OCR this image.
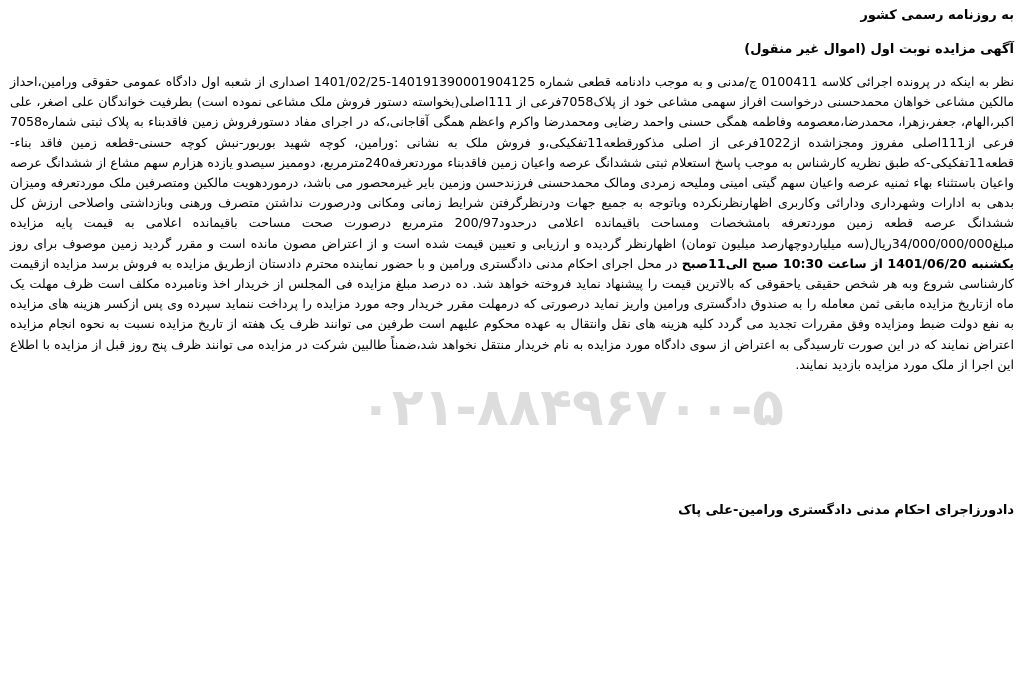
به روزنامه رسمی کشور
آگهی مزایده نوبت اول (اموال غیر منقول)
نظر به اینکه در پرونده اجرائی کلاسه 0100411 ج/مدنی و به موجب دادنامه قطعی شماره 140191390001904125-1401/02/25 اصداری از شعبه اول دادگاه عمومی حقوقی ورامین،احداز مالکین مشاعی خواهان محمدحسنی درخواست افراز سهمی مشاعی خود از پلاک7058فرعی از 111اصلی(بخواسته دستور فروش ملک مشاعی نموده است) بطرفیت خواندگان علی اصغر، علی اکبر،الهام، جعفر،زهرا، محمدرضا،معصومه وفاطمه همگی حسنی واحمد رضایی ومحمدرضا واکرم واعظم همگی آقاجانی،که در اجرای مفاد دستورفروش زمین فاقدبناء به پلاک ثبتی شماره7058 فرعی از111اصلی مفروز ومجزاشده از1022فرعی از اصلی مذکورقطعه11تفکیکی،و فروش ملک به نشانی :ورامین، کوچه شهید بوربور-نبش کوچه حسنی-قطعه زمین فاقد بناء-قطعه11تفکیکی-که طبق نظریه کارشناس به موجب پاسخ استعلام ثبتی ششدانگ عرصه واعیان زمین فاقدبناء موردتعرفه240مترمربع، دوممیز سیصدو یازده هزارم سهم مشاع از ششدانگ عرصه واعیان باستثناء بهاء ثمنیه عرصه واعیان سهم گیتی امینی وملیحه زمردی ومالک محمدحسنی فرزندحسن وزمین بایر غیرمحصور می باشد، درموردهویت مالکین ومتصرفین ملک موردتعرفه ومیزان بدهی به ادارات وشهرداری ودارائی وکاربری اظهارنظرنکرده وباتوجه به جمیع جهات ودرنظرگرفتن شرایط زمانی ومکانی ودرصورت نداشتن متصرف ورهنی وبازداشتی واصلاحی ارزش کل ششدانگ عرصه قطعه زمین موردتعرفه بامشخصات ومساحت باقیمانده اعلامی درحدود200/97 مترمربع درصورت صحت مساحت باقیمانده اعلامی به قیمت پایه مزایده مبلغ34/000/000/000ریال(سه میلیاردوچهارصد میلیون تومان) اظهارنظر گردیده و ارزیابی و تعیین قیمت شده است و از اعتراض مصون مانده است و مقرر گردید زمین موصوف برای روز یکشنبه 1401/06/20 از ساعت 10:30 صبح الی11صبح در محل اجرای احکام مدنی دادگستری ورامین و با حضور نماینده محترم دادستان ازطریق مزایده به فروش برسد مزایده ازقیمت کارشناسی شروع وبه هر شخص حقیقی یاحقوقی که بالاترین قیمت را پیشنهاد نماید فروخته خواهد شد. ده درصد مبلغ مزایده فی المجلس از خریدار اخذ ونامبرده مکلف است ظرف مهلت یک ماه ازتاریخ مزایده مابقی ثمن معامله را به صندوق دادگستری ورامین واریز نماید درصورتی که درمهلت مقرر خریدار وجه مورد مزایده را پرداخت ننماید سپرده وی پس ازکسر هزینه های مزایده به نفع دولت ضبط ومزایده وفق مقررات تجدید می گردد کلیه هزینه های نقل وانتقال به عهده محکوم علیهم است طرفین می توانند ظرف یک هفته از تاریخ مزایده نسبت به نحوه انجام مزایده اعتراض نمایند که در این صورت تارسیدگی به اعتراض از سوی دادگاه مورد مزایده به نام خریدار منتقل نخواهد شد،ضمناً طالبین شرکت در مزایده می توانند ظرف پنج روز قبل از مزایده با اطلاع این اجرا از ملک مورد مزایده بازدید نمایند.
دادورزاجرای احکام مدنی دادگستری ورامین-علی پاک
۰۲۱-۸۸۴۹۶۷۰۰-۵
